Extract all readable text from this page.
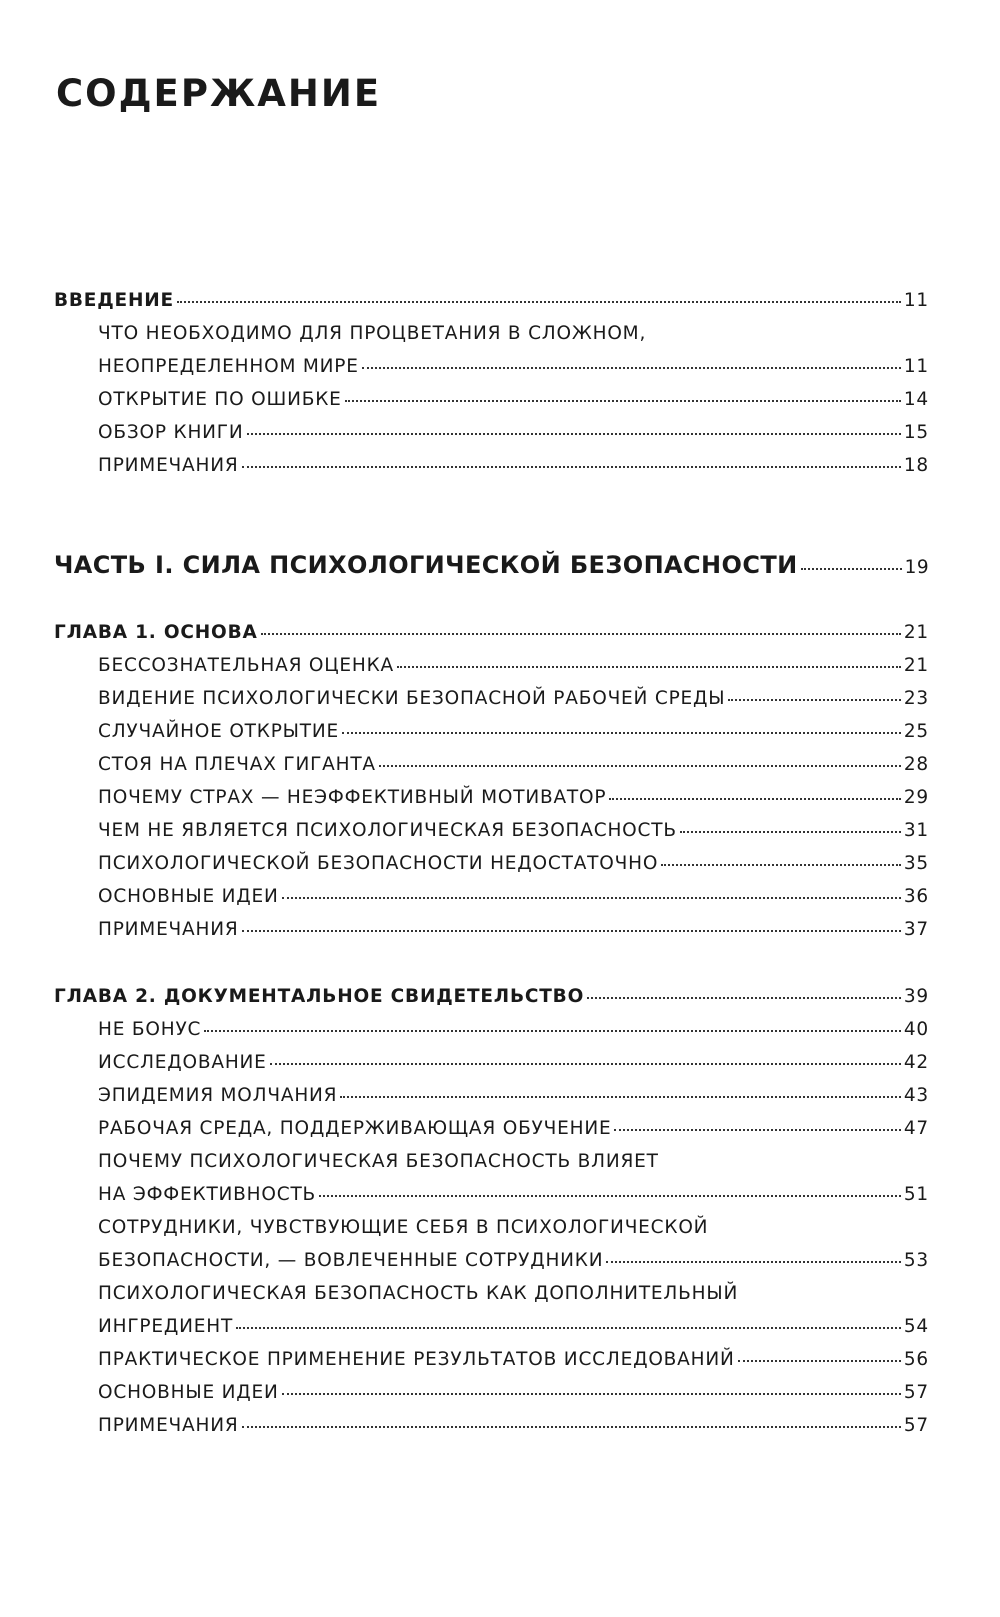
СОДЕРЖАНИЕ
ВВЕДЕНИЕ	11
ЧТО НЕОБХОДИМО ДЛЯ ПРОЦВЕТАНИЯ В СЛОЖНОМ,
НЕОПРЕДЕЛЕННОМ МИРЕ	11
ОТКРЫТИЕ ПО ОШИБКЕ	14
ОБЗОР КНИГИ	15
ПРИМЕЧАНИЯ	18
ЧАСТЬ I. СИЛА ПСИХОЛОГИЧЕСКОЙ БЕЗОПАСНОСТИ	19
ГЛАВА 1. ОСНОВА	21
БЕССОЗНАТЕЛЬНАЯ ОЦЕНКА	21
ВИДЕНИЕ ПСИХОЛОГИЧЕСКИ БЕЗОПАСНОЙ РАБОЧЕЙ СРЕДЫ	23
СЛУЧАЙНОЕ ОТКРЫТИЕ	25
СТОЯ НА ПЛЕЧАХ ГИГАНТА	28
ПОЧЕМУ СТРАХ — НЕЭФФЕКТИВНЫЙ МОТИВАТОР	29
ЧЕМ НЕ ЯВЛЯЕТСЯ ПСИХОЛОГИЧЕСКАЯ БЕЗОПАСНОСТЬ	31
ПСИХОЛОГИЧЕСКОЙ БЕЗОПАСНОСТИ НЕДОСТАТОЧНО	35
ОСНОВНЫЕ ИДЕИ	36
ПРИМЕЧАНИЯ	37
ГЛАВА 2. ДОКУМЕНТАЛЬНОЕ СВИДЕТЕЛЬСТВО	39
НЕ БОНУС	40
ИССЛЕДОВАНИЕ	42
ЭПИДЕМИЯ МОЛЧАНИЯ	43
РАБОЧАЯ СРЕДА, ПОДДЕРЖИВАЮЩАЯ ОБУЧЕНИЕ	47
ПОЧЕМУ ПСИХОЛОГИЧЕСКАЯ БЕЗОПАСНОСТЬ ВЛИЯЕТ
НА ЭФФЕКТИВНОСТЬ	51
СОТРУДНИКИ, ЧУВСТВУЮЩИЕ СЕБЯ В ПСИХОЛОГИЧЕСКОЙ
БЕЗОПАСНОСТИ, — ВОВЛЕЧЕННЫЕ СОТРУДНИКИ	53
ПСИХОЛОГИЧЕСКАЯ БЕЗОПАСНОСТЬ КАК ДОПОЛНИТЕЛЬНЫЙ
ИНГРЕДИЕНТ	54
ПРАКТИЧЕСКОЕ ПРИМЕНЕНИЕ РЕЗУЛЬТАТОВ ИССЛЕДОВАНИЙ	56
ОСНОВНЫЕ ИДЕИ	57
ПРИМЕЧАНИЯ	57
